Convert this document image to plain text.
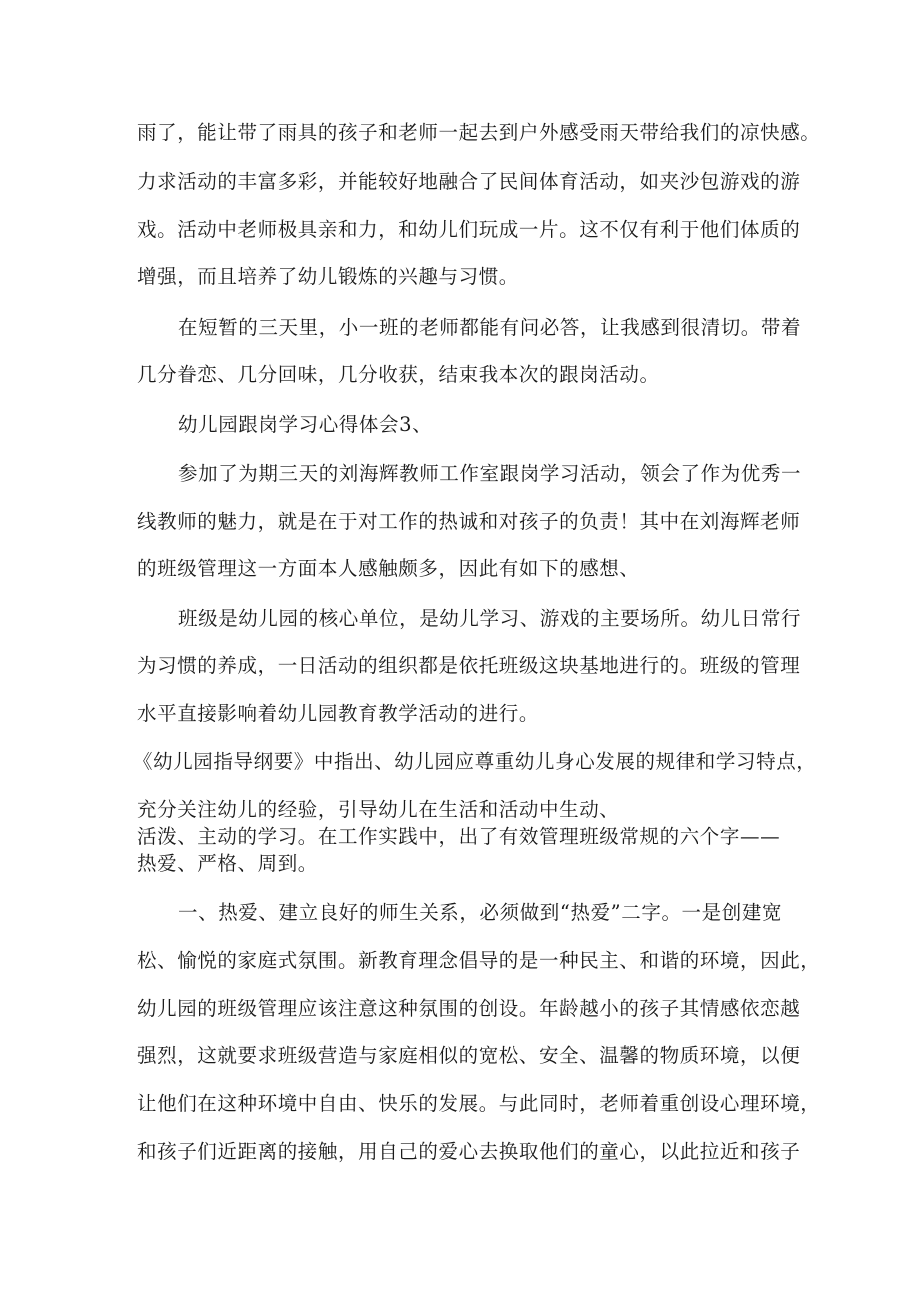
雨了，能让带了雨具的孩子和老师一起去到户外感受雨天带给我们的凉快感。
力求活动的丰富多彩，并能较好地融合了民间体育活动，如夹沙包游戏的游
戏。活动中老师极具亲和力，和幼儿们玩成一片。这不仅有利于他们体质的
增强，而且培养了幼儿锻炼的兴趣与习惯。
在短暂的三天里，小一班的老师都能有问必答，让我感到很清切。带着
几分眷恋、几分回味，几分收获，结束我本次的跟岗活动。
幼儿园跟岗学习心得体会3、
参加了为期三天的刘海辉教师工作室跟岗学习活动，领会了作为优秀一
线教师的魅力，就是在于对工作的热诚和对孩子的负责！其中在刘海辉老师
的班级管理这一方面本人感触颇多，因此有如下的感想、
班级是幼儿园的核心单位，是幼儿学习、游戏的主要场所。幼儿日常行
为习惯的养成，一日活动的组织都是依托班级这块基地进行的。班级的管理
水平直接影响着幼儿园教育教学活动的进行。
《幼儿园指导纲要》中指出、幼儿园应尊重幼儿身心发展的规律和学习特点，
充分关注幼儿的经验，引导幼儿在生活和活动中生动、
活泼、主动的学习。在工作实践中，出了有效管理班级常规的六个字——
热爱、严格、周到。
一、热爱、建立良好的师生关系，必须做到“热爱”二字。一是创建宽
松、愉悦的家庭式氛围。新教育理念倡导的是一种民主、和谐的环境，因此，
幼儿园的班级管理应该注意这种氛围的创设。年龄越小的孩子其情感依恋越
强烈，这就要求班级营造与家庭相似的宽松、安全、温馨的物质环境，以便
让他们在这种环境中自由、快乐的发展。与此同时，老师着重创设心理环境，
和孩子们近距离的接触，用自己的爱心去换取他们的童心，以此拉近和孩子
